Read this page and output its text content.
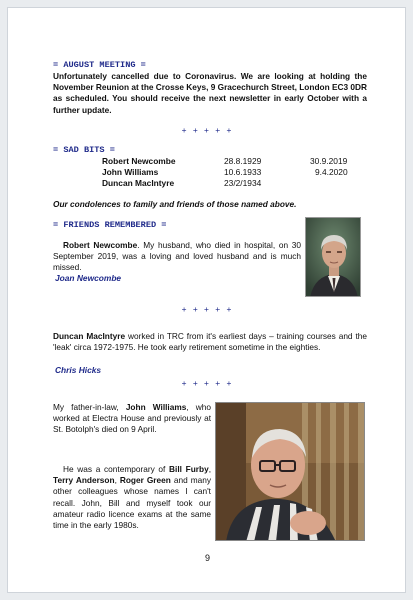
= AUGUST MEETING =
Unfortunately cancelled due to Coronavirus. We are looking at holding the November Reunion at the Crosse Keys, 9 Gracechurch Street, London EC3 0DR as scheduled. You should receive the next newsletter in early October with a further update.
+ + + + +
= SAD BITS =
Robert Newcombe	28.8.1929	30.9.2019
John Williams	10.6.1933	9.4.2020
Duncan MacIntyre	23/2/1934
Our condolences to family and friends of those named above.
= FRIENDS REMEMBERED =
Robert Newcombe. My husband, who died in hospital, on 30 September 2019, was a loving and loved husband and is much missed.
Joan Newcombe
+ + + + +
Duncan MacIntyre worked in TRC from it's earliest days – training courses and the 'leak' circa 1972-1975. He took early retirement sometime in the eighties.
Chris Hicks
+ + + + +
My father-in-law, John Williams, who worked at Electra House and previously at St. Botolph's died on 9 April.
He was a contemporary of Bill Furby, Terry Anderson, Roger Green and many other colleagues whose names I can't recall. John, Bill and myself took our amateur radio licence exams at the same time in the early 1980s.
9
